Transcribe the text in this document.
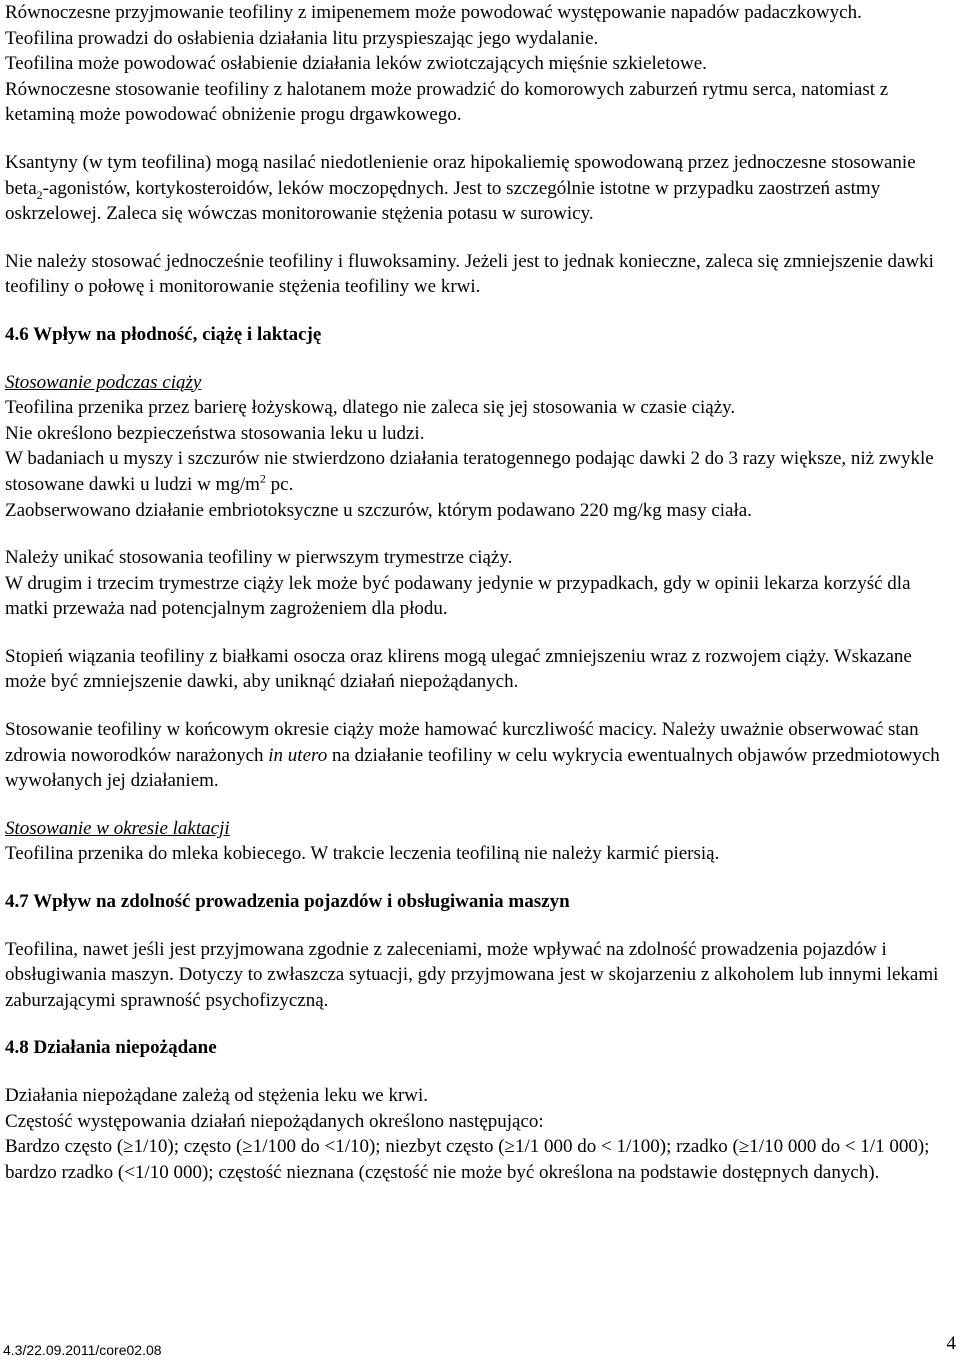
Równoczesne przyjmowanie teofiliny z imipenemem może powodować występowanie napadów padaczkowych.

Teofilina prowadzi do osłabienia działania litu przyspieszając jego wydalanie.

Teofilina może powodować osłabienie działania leków zwiotczających mięśnie szkieletowe.

Równoczesne stosowanie teofiliny z halotanem może prowadzić do komorowych zaburzeń rytmu serca, natomiast z ketaminą może powodować obniżenie progu drgawkowego.

Ksantyny (w tym teofilina) mogą nasilać niedotlenienie oraz hipokaliemię spowodowaną przez jednoczesne stosowanie beta$_2$-agonistów, kortykosteroidów, leków moczopędnych. Jest to szczególnie istotne w przypadku zaostrzeń astmy oskrzelowej. Zaleca się wówczas monitorowanie stężenia potasu w surowicy.

Nie należy stosować jednocześnie teofiliny i fluwoksaminy. Jeżeli jest to jednak konieczne, zaleca się zmniejszenie dawki teofiliny o połowę i monitorowanie stężenia teofiliny we krwi.

4.6 Wpływ na płodność, ciążę i laktację

Stosowanie podczas ciąży

Teofilina przenika przez barierę łożyskową, dlatego nie zaleca się jej stosowania w czasie ciąży.

Nie określono bezpieczeństwa stosowania leku u ludzi.

W badaniach u myszy i szczurów nie stwierdzono działania teratogennego podając dawki 2 do 3 razy większe, niż zwykle stosowane dawki u ludzi w $mg/m^2$ pc.

Zaobserwowano działanie embriotoksyczne u szczurów, którym podawano 220 mg/kg masy ciała.

Należy unikać stosowania teofiliny w pierwszym trymestrze ciąży.

W drugim i trzecim trymestrze ciąży lek może być podawany jedynie w przypadkach, gdy w opinii lekarza korzyść dla matki przeważa nad potencjalnym zagrożeniem dla płodu.

Stopień wiązania teofiliny z białkami osocza oraz klirens mogą ulegać zmniejszeniu wraz z rozwojem ciąży. Wskazane może być zmniejszenie dawki, aby uniknąć działań niepożądanych.

Stosowanie teofiliny w końcowym okresie ciąży może hamować kurczliwość macicy. Należy uważnie obserwować stan zdrowia noworodków narażonych in utero na działanie teofiliny w celu wykrycia ewentualnych objawów przedmiotowych wywołanych jej działaniem.

Stosowanie w okresie laktacji

Teofilina przenika do mleka kobiecego. W trakcie leczenia teofiliną nie należy karmić piersią.

4.7 Wpływ na zdolność prowadzenia pojazdów i obsługiwania maszyn

Teofilina, nawet jeśli jest przyjmowana zgodnie z zaleceniami, może wpływać na zdolność prowadzenia pojazdów i obsługiwania maszyn. Dotyczy to zwłaszcza sytuacji, gdy przyjmowana jest w skojarzeniu z alkoholem lub innymi lekami zaburzającymi sprawność psychofizyczną.

4.8 Działania niepożądane

Działania niepożądane zależą od stężenia leku we krwi.

Częstość występowania działań niepożądanych określono następująco:

Bardzo często (≥1/10); często (≥1/100 do <1/10); niezbyt często (≥1/1 000 do < 1/100); rzadko (≥1/10 000 do < 1/1 000); bardzo rzadko (<1/10 000); częstość nieznana (częstość nie może być określona na podstawie dostępnych danych).

4.3/22.09.2011/core02.08	4
